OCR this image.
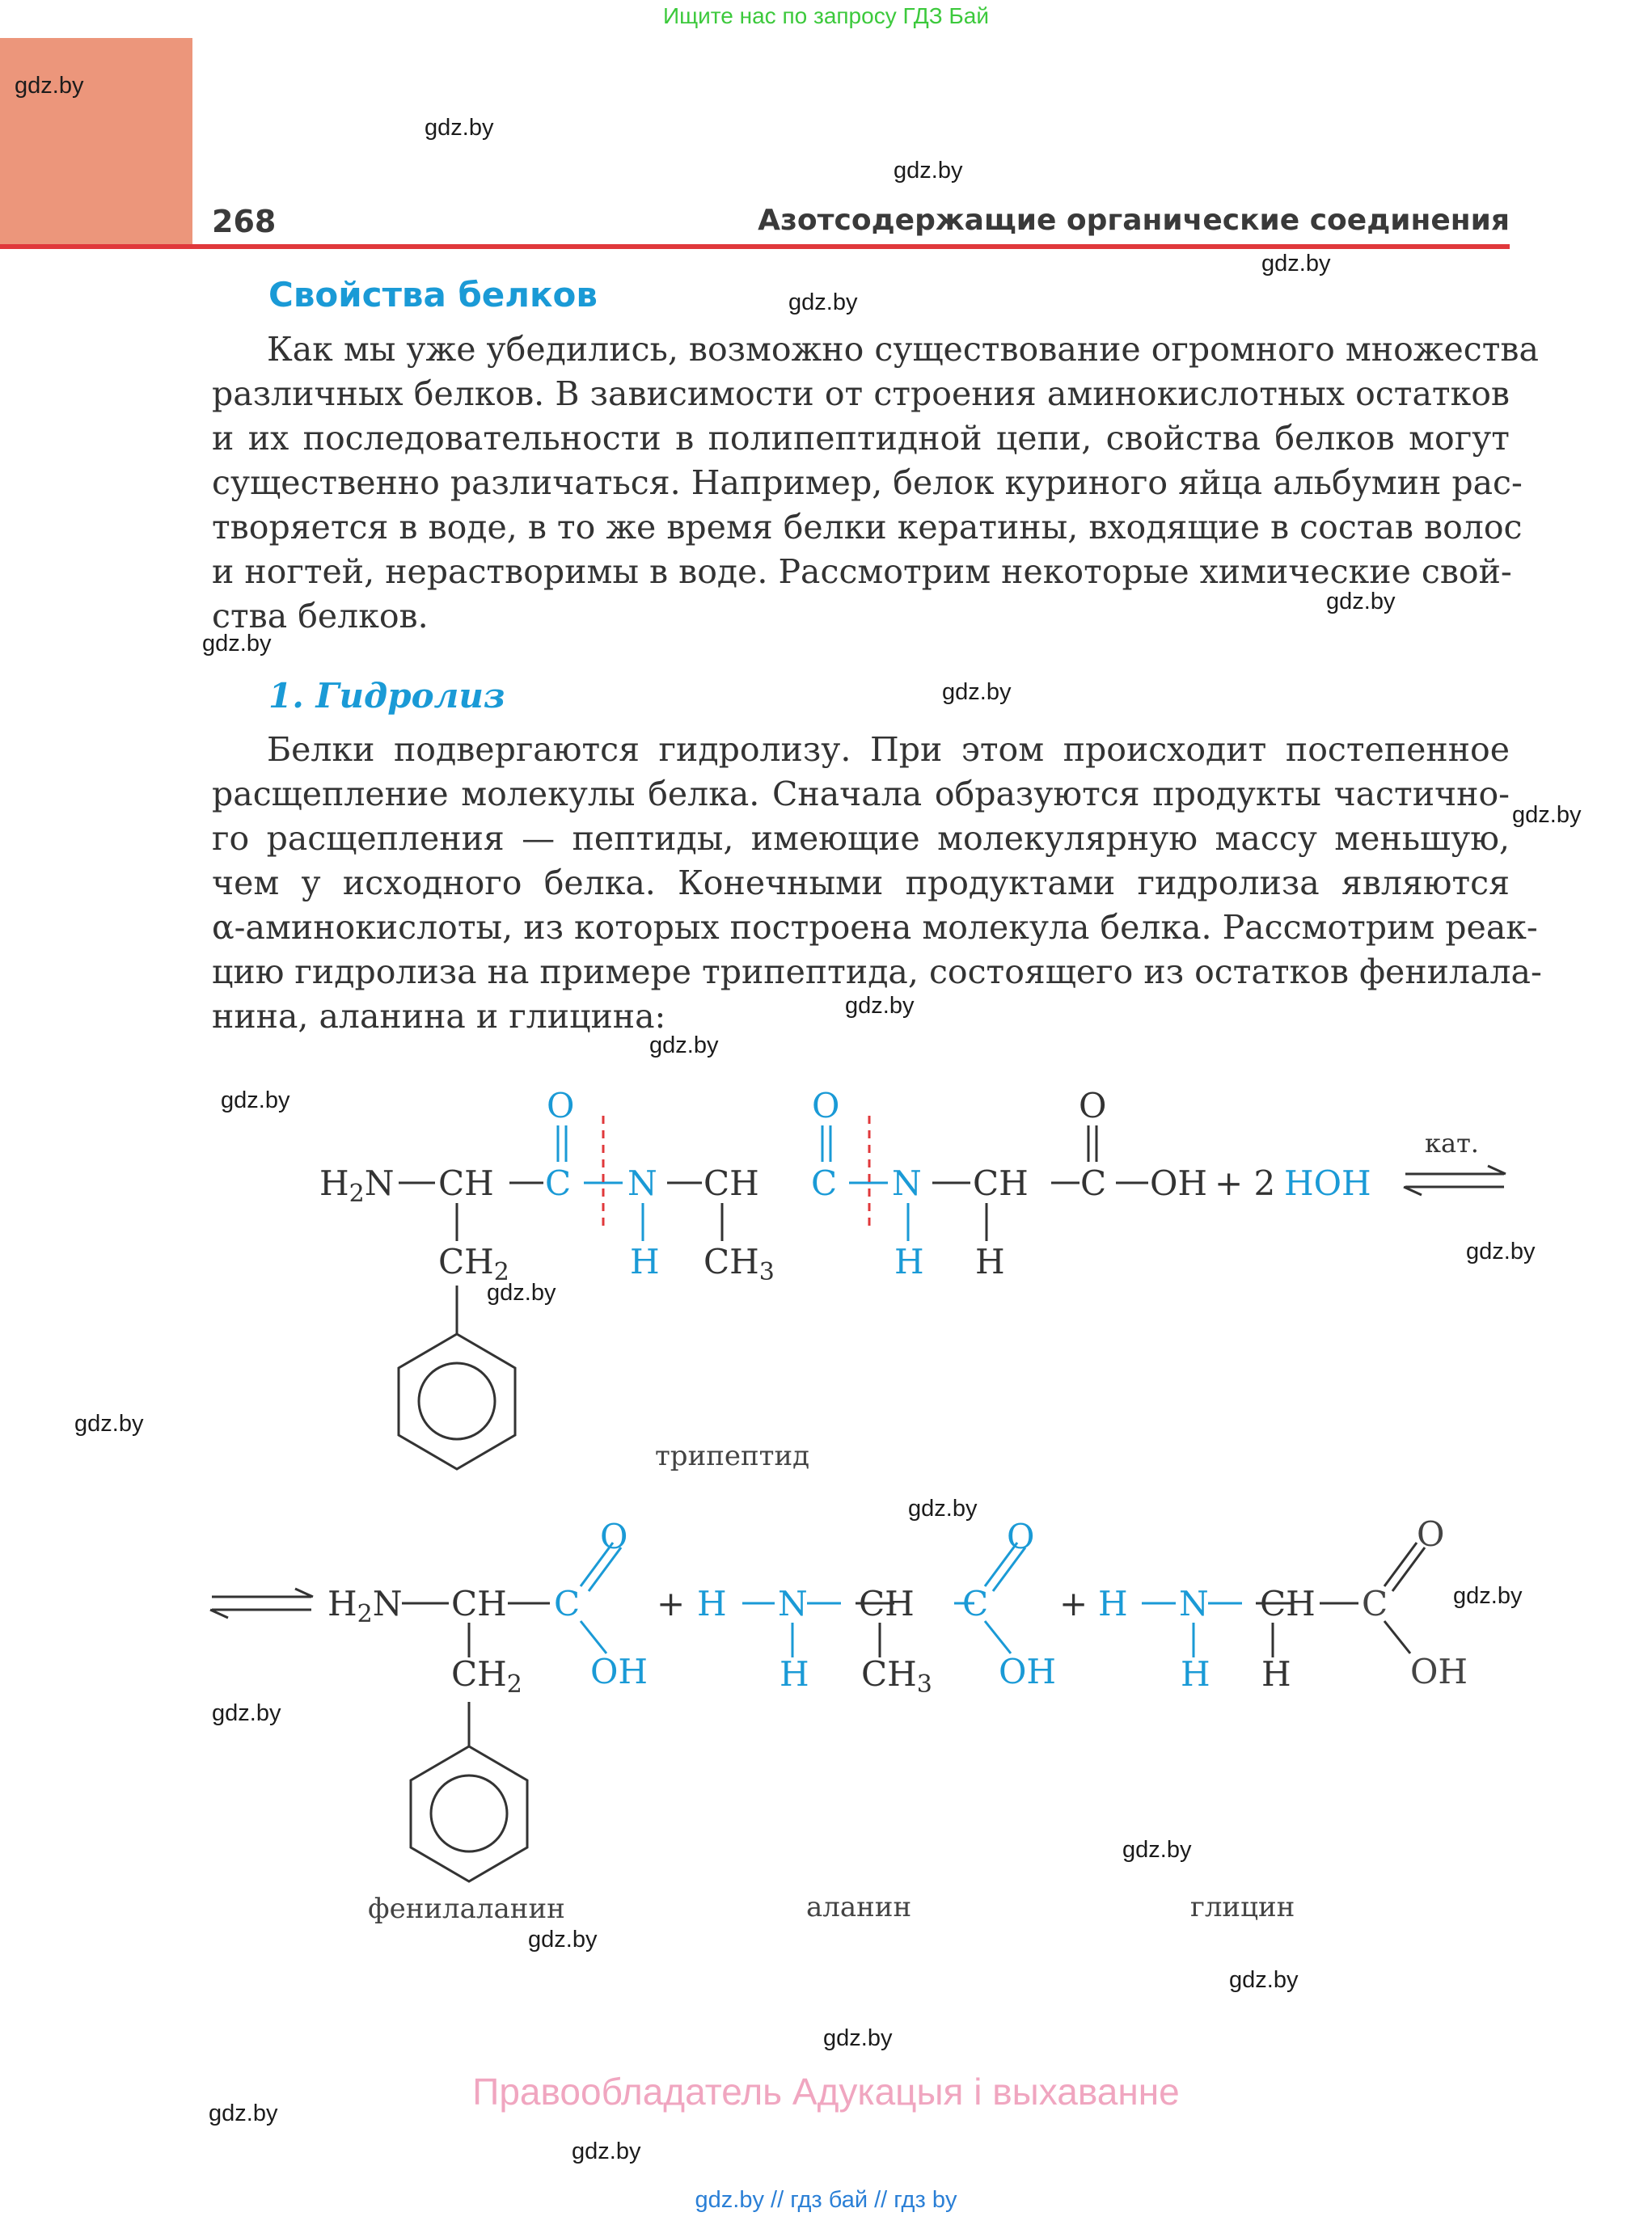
Ищите нас по запросу ГДЗ Бай
268	Азотсодержащие органические соединения
Свойства белков
Как мы уже убедились, возможно существование огромного множества
различных белков. В зависимости от строения аминокислотных остатков
и их последовательности в полипептидной цепи, свойства белков могут
существенно различаться. Например, белок куриного яйца альбумин рас-
творяется в воде, в то же время белки кератины, входящие в состав волос
и ногтей, нерастворимы в воде. Рассмотрим некоторые химические свой-
ства белков.
1. Гидролиз
Белки подвергаются гидролизу. При этом происходит постепенное
расщепление молекулы белка. Сначала образуются продукты частично-
го расщепления — пептиды, имеющие молекулярную массу меньшую,
чем у исходного белка. Конечными продуктами гидролиза являются
α-аминокислоты, из которых построена молекула белка. Рассмотрим реак-
цию гидролиза на примере трипептида, состоящего из остатков фенилала-
нина, аланина и глицина:
H2N CH C
O
N
H
CH
CH3
C
O
N
H
CH
H
C
O
OH
CH2
+ 2 HOH
кат.
трипептид
H2N CH C
O
OH
CH2
+ H N
H
CH
CH3
C
O
OH
+ H N
H
CH
H
C
O
OH
фенилаланин	аланин	глицин
gdz.by
gdz.by
gdz.by
gdz.by
gdz.by
gdz.by
gdz.by
gdz.by
gdz.by
gdz.by
gdz.by
gdz.by
gdz.by
gdz.by
gdz.by
gdz.by
gdz.by
gdz.by
gdz.by
gdz.by
gdz.by
gdz.by
gdz.by
gdz.by
Правообладатель Адукацыя і выхаванне
gdz.by // гдз бай // гдз by
